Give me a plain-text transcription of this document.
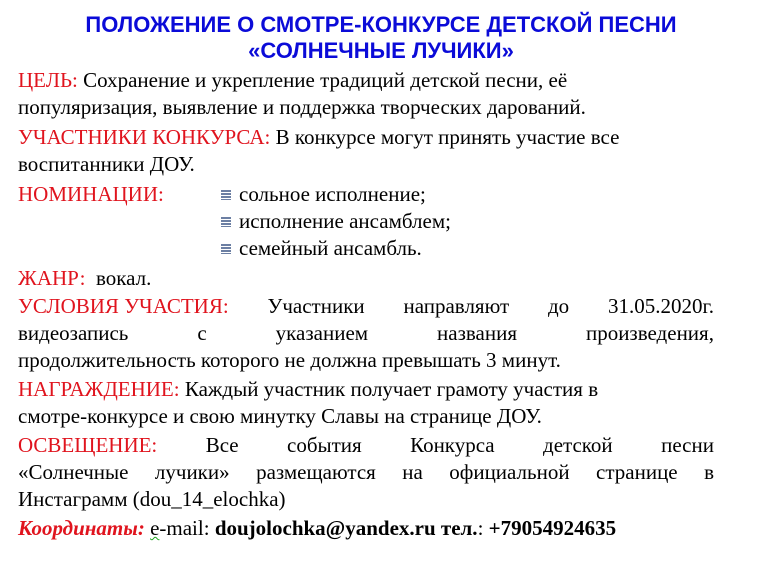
ПОЛОЖЕНИЕ О СМОТРЕ-КОНКУРСЕ ДЕТСКОЙ ПЕСНИ
«СОЛНЕЧНЫЕ ЛУЧИКИ»
ЦЕЛЬ: Сохранение и укрепление традиций детской песни, её
популяризация, выявление и поддержка творческих дарований.
УЧАСТНИКИ КОНКУРСА: В конкурсе могут принять участие все
воспитанники ДОУ.
НОМИНАЦИИ:	сольное исполнение;
исполнение ансамблем;
семейный ансамбль.
ЖАНР: вокал.
УСЛОВИЯ УЧАСТИЯ: Участники направляют до 31.05.2020г.
видеозапись	с	указанием	названия	произведения,
продолжительность которого не должна превышать 3 минут.
НАГРАЖДЕНИЕ: Каждый участник получает грамоту участия в
смотре-конкурсе и свою минутку Славы на странице ДОУ.
ОСВЕЩЕНИЕ: Все события Конкурса детской песни
«Солнечные лучики» размещаются на официальной странице в
Инстаграмм (dou_14_elochka)
Координаты: е-mail: doujolochka@yandex.ru тел.: +79054924635
